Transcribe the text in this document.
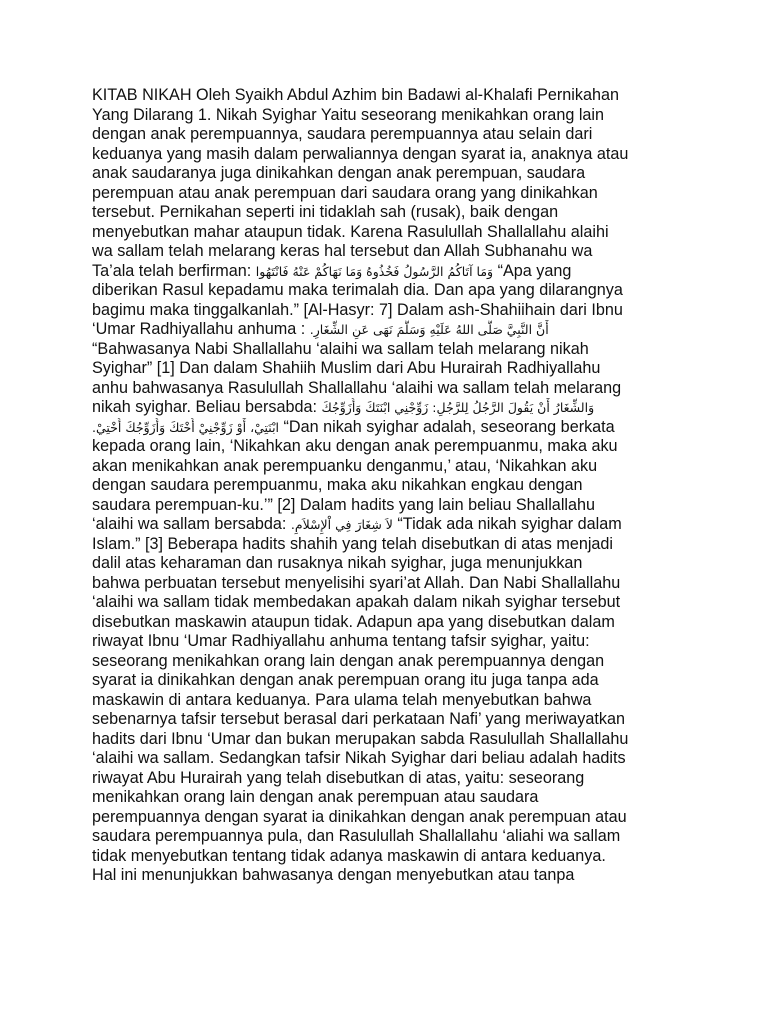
KITAB NIKAH Oleh Syaikh Abdul Azhim bin Badawi al-Khalafi Pernikahan
Yang Dilarang 1. Nikah Syighar Yaitu seseorang menikahkan orang lain
dengan anak perempuannya, saudara perempuannya atau selain dari
keduanya yang masih dalam perwaliannya dengan syarat ia, anaknya atau
anak saudaranya juga dinikahkan dengan anak perempuan, saudara
perempuan atau anak perempuan dari saudara orang yang dinikahkan
tersebut. Pernikahan seperti ini tidaklah sah (rusak), baik dengan
menyebutkan mahar ataupun tidak. Karena Rasulullah Shallallahu alaihi
wa sallam telah melarang keras hal tersebut dan Allah Subhanahu wa
Ta’ala telah berfirman: وَمَا آتَاكُمُ الرَّسُولُ فَخُذُوهُ وَمَا نَهَاكُمْ عَنْهُ فَانْتَهُوا “Apa yang
diberikan Rasul kepadamu maka terimalah dia. Dan apa yang dilarangnya
bagimu maka tinggalkanlah.” [Al-Hasyr: 7] Dalam ash-Shahiihain dari Ibnu
‘Umar Radhiyallahu anhuma : أَنَّ النَّبِيَّ صَلَّى اللهُ عَلَيْهِ وَسَلَّمَ نَهَى عَنِ الشِّغَارِ.
“Bahwasanya Nabi Shallallahu ‘alaihi wa sallam telah melarang nikah
Syighar” [1] Dan dalam Shahiih Muslim dari Abu Hurairah Radhiyallahu
anhu bahwasanya Rasulullah Shallallahu ‘alaihi wa sallam telah melarang
nikah syighar. Beliau bersabda: وَالشِّغَارُ أَنْ يَقُولَ الرَّجُلُ لِلرَّجُلِ: زَوِّجْنِي ابْنَتَكَ وَأُزَوِّجُكَ
ابْنَتِيْ، أَوْ زَوِّجْنِيْ أُخْتَكَ وَأُزَوِّجُكَ أُخْتِيْ. “Dan nikah syighar adalah, seseorang berkata
kepada orang lain, ‘Nikahkan aku dengan anak perempuanmu, maka aku
akan menikahkan anak perempuanku denganmu,’ atau, ‘Nikahkan aku
dengan saudara perempuanmu, maka aku nikahkan engkau dengan
saudara perempuan-ku.’” [2] Dalam hadits yang lain beliau Shallallahu
‘alaihi wa sallam bersabda: لاَ شِغَارَ فِي اْلإِسْلاَمِ. “Tidak ada nikah syighar dalam
Islam.” [3] Beberapa hadits shahih yang telah disebutkan di atas menjadi
dalil atas keharaman dan rusaknya nikah syighar, juga menunjukkan
bahwa perbuatan tersebut menyelisihi syari’at Allah. Dan Nabi Shallallahu
‘alaihi wa sallam tidak membedakan apakah dalam nikah syighar tersebut
disebutkan maskawin ataupun tidak. Adapun apa yang disebutkan dalam
riwayat Ibnu ‘Umar Radhiyallahu anhuma tentang tafsir syighar, yaitu:
seseorang menikahkan orang lain dengan anak perempuannya dengan
syarat ia dinikahkan dengan anak perempuan orang itu juga tanpa ada
maskawin di antara keduanya. Para ulama telah menyebutkan bahwa
sebenarnya tafsir tersebut berasal dari perkataan Nafi’ yang meriwayatkan
hadits dari Ibnu ‘Umar dan bukan merupakan sabda Rasulullah Shallallahu
‘alaihi wa sallam. Sedangkan tafsir Nikah Syighar dari beliau adalah hadits
riwayat Abu Hurairah yang telah disebutkan di atas, yaitu: seseorang
menikahkan orang lain dengan anak perempuan atau saudara
perempuannya dengan syarat ia dinikahkan dengan anak perempuan atau
saudara perempuannya pula, dan Rasulullah Shallallahu ‘aliahi wa sallam
tidak menyebutkan tentang tidak adanya maskawin di antara keduanya.
Hal ini menunjukkan bahwasanya dengan menyebutkan atau tanpa
